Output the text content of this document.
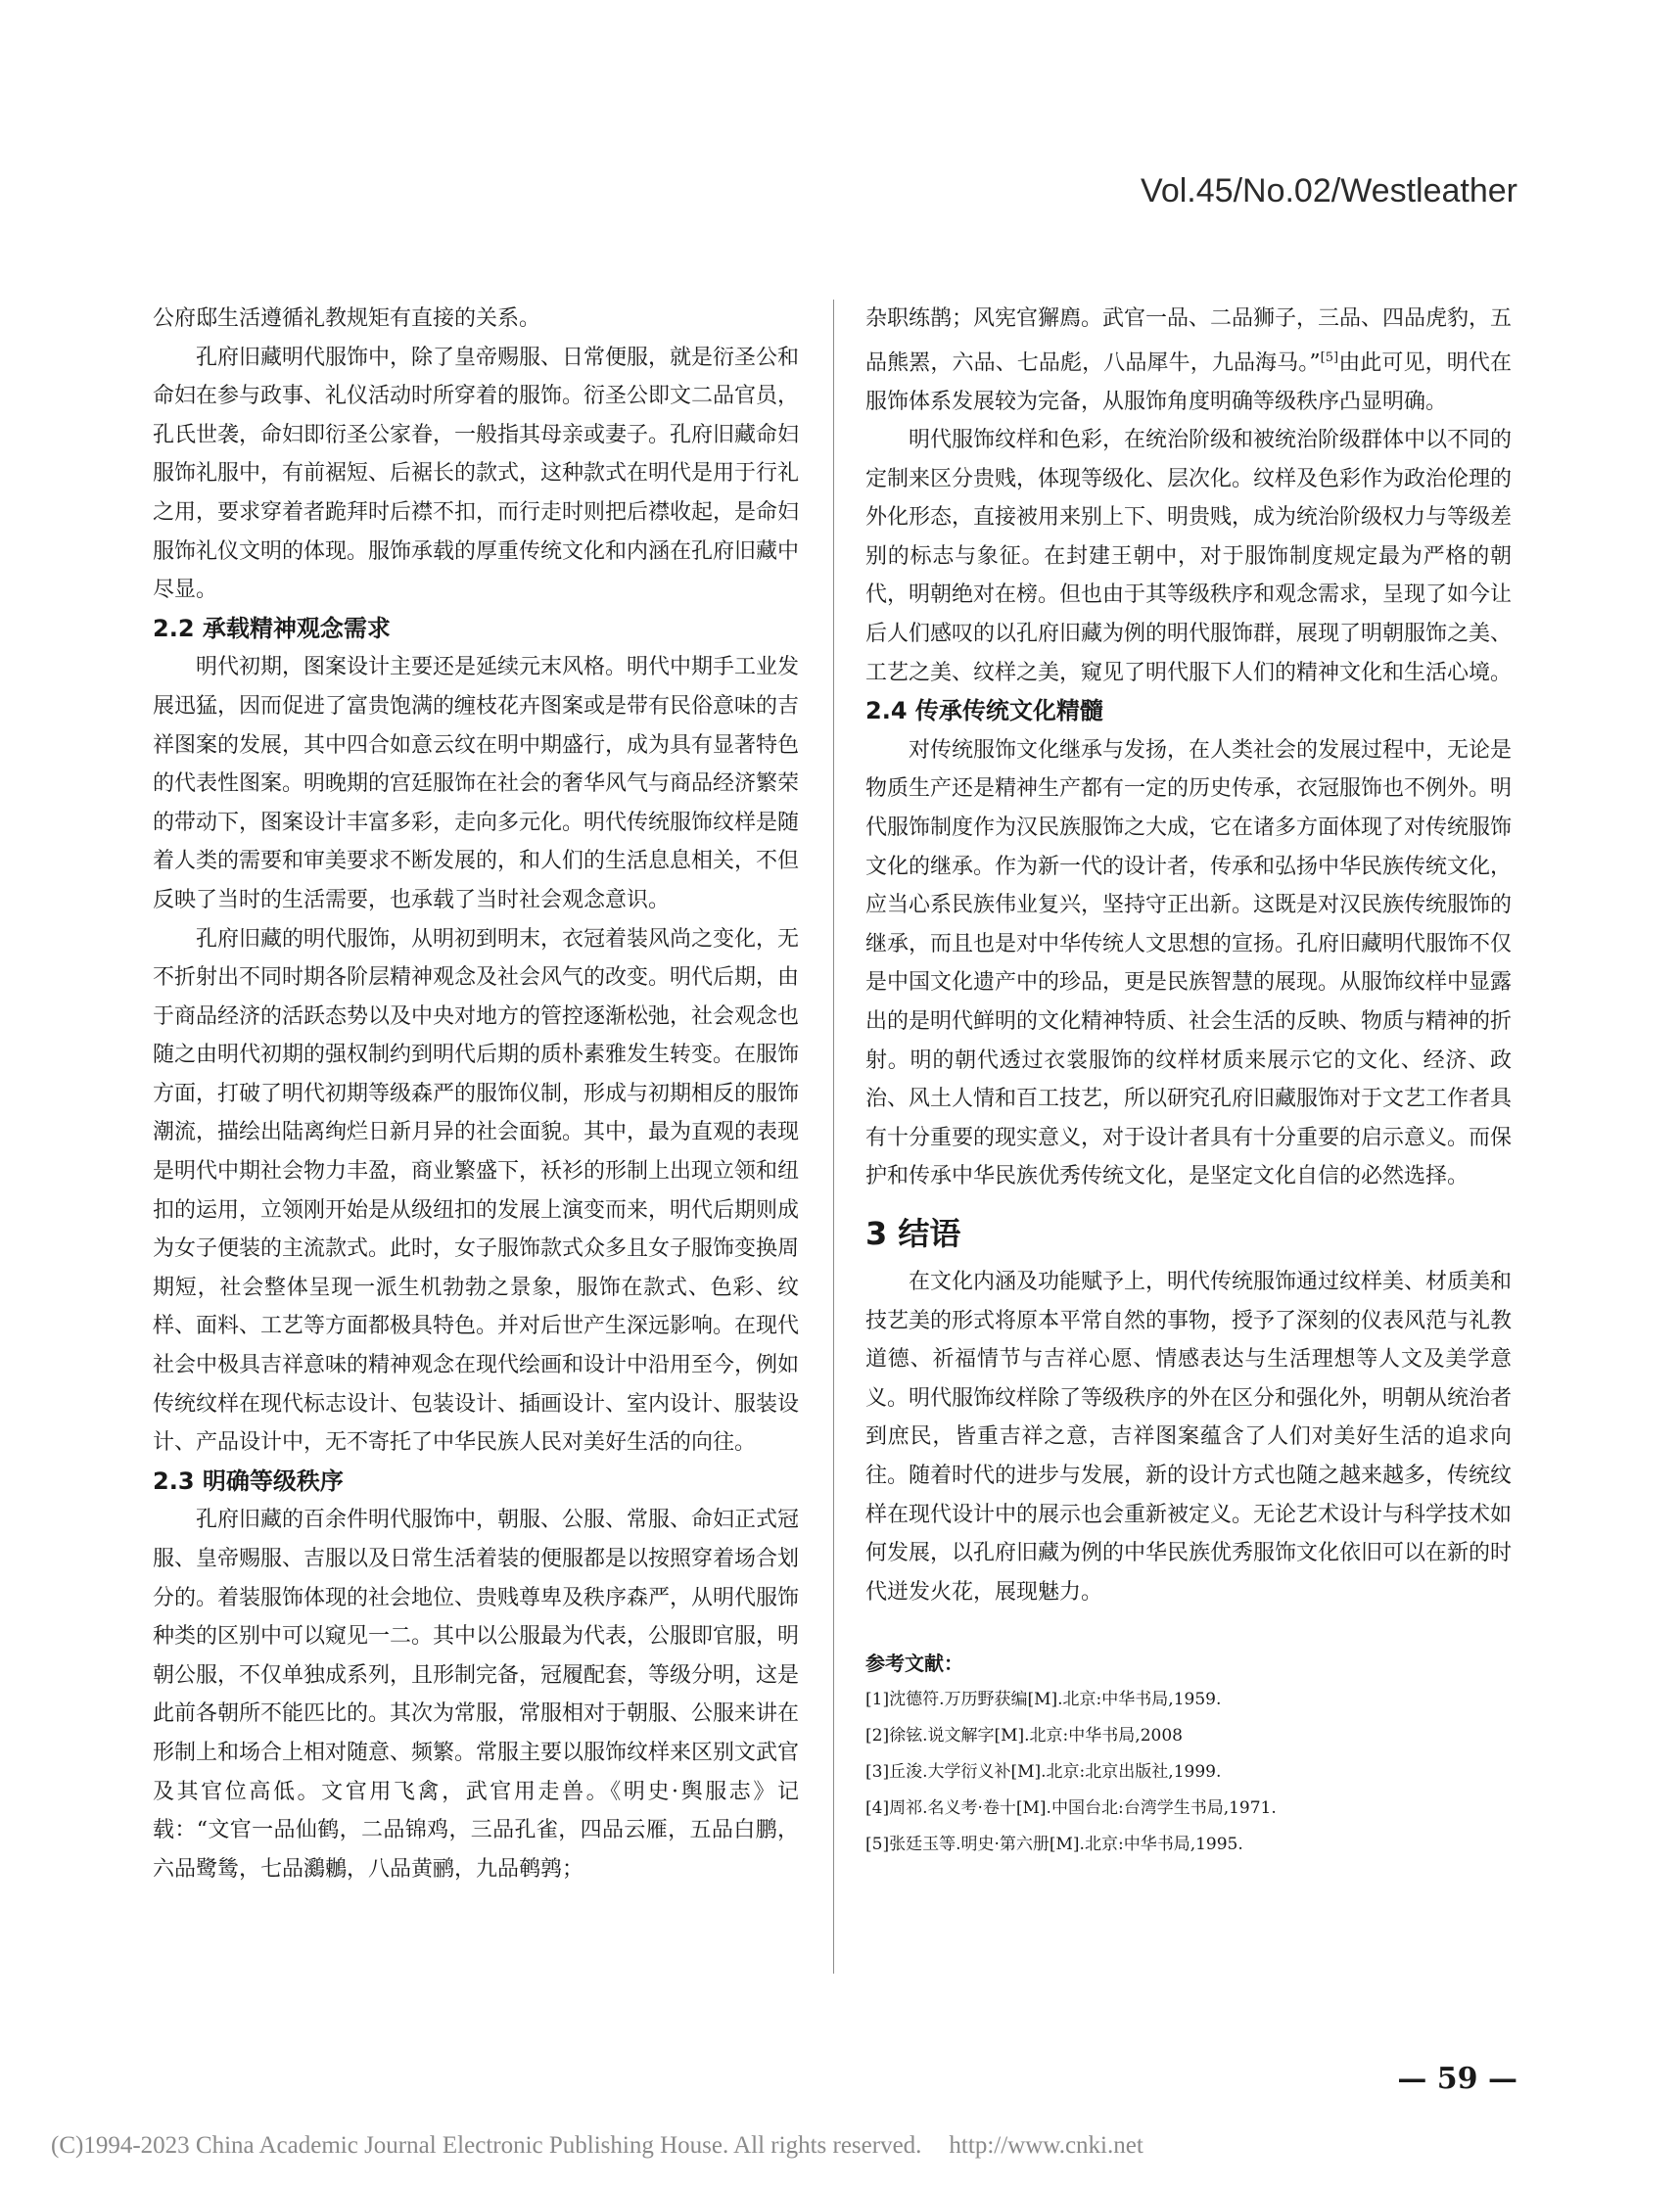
Vol.45/No.02/Westleather

公府邸生活遵循礼教规矩有直接的关系。

孔府旧藏明代服饰中，除了皇帝赐服、日常便服，就是衍圣公和命妇在参与政事、礼仪活动时所穿着的服饰。衍圣公即文二品官员，孔氏世袭，命妇即衍圣公家眷，一般指其母亲或妻子。孔府旧藏命妇服饰礼服中，有前裾短、后裾长的款式，这种款式在明代是用于行礼之用，要求穿着者跪拜时后襟不扣，而行走时则把后襟收起，是命妇服饰礼仪文明的体现。服饰承载的厚重传统文化和内涵在孔府旧藏中尽显。

2.2 承载精神观念需求

明代初期，图案设计主要还是延续元末风格。明代中期手工业发展迅猛，因而促进了富贵饱满的缠枝花卉图案或是带有民俗意味的吉祥图案的发展，其中四合如意云纹在明中期盛行，成为具有显著特色的代表性图案。明晚期的宫廷服饰在社会的奢华风气与商品经济繁荣的带动下，图案设计丰富多彩，走向多元化。明代传统服饰纹样是随着人类的需要和审美要求不断发展的，和人们的生活息息相关，不但反映了当时的生活需要，也承载了当时社会观念意识。

孔府旧藏的明代服饰，从明初到明末，衣冠着装风尚之变化，无不折射出不同时期各阶层精神观念及社会风气的改变。明代后期，由于商品经济的活跃态势以及中央对地方的管控逐渐松弛，社会观念也随之由明代初期的强权制约到明代后期的质朴素雅发生转变。在服饰方面，打破了明代初期等级森严的服饰仪制，形成与初期相反的服饰潮流，描绘出陆离绚烂日新月异的社会面貌。其中，最为直观的表现是明代中期社会物力丰盈，商业繁盛下，袄衫的形制上出现立领和纽扣的运用，立领刚开始是从级纽扣的发展上演变而来，明代后期则成为女子便装的主流款式。此时，女子服饰款式众多且女子服饰变换周期短，社会整体呈现一派生机勃勃之景象，服饰在款式、色彩、纹样、面料、工艺等方面都极具特色。并对后世产生深远影响。在现代社会中极具吉祥意味的精神观念在现代绘画和设计中沿用至今，例如传统纹样在现代标志设计、包装设计、插画设计、室内设计、服装设计、产品设计中，无不寄托了中华民族人民对美好生活的向往。

2.3 明确等级秩序

孔府旧藏的百余件明代服饰中，朝服、公服、常服、命妇正式冠服、皇帝赐服、吉服以及日常生活着装的便服都是以按照穿着场合划分的。着装服饰体现的社会地位、贵贱尊卑及秩序森严，从明代服饰种类的区别中可以窥见一二。其中以公服最为代表，公服即官服，明朝公服，不仅单独成系列，且形制完备，冠履配套，等级分明，这是此前各朝所不能匹比的。其次为常服，常服相对于朝服、公服来讲在形制上和场合上相对随意、频繁。常服主要以服饰纹样来区别文武官及其官位高低。文官用飞禽，武官用走兽。《明史·舆服志》记载：“文官一品仙鹤，二品锦鸡，三品孔雀，四品云雁，五品白鹏，六品鹭鸶，七品鸂鶒，八品黄鹂，九品鹌鹑；

杂职练鹊；风宪官獬廌。武官一品、二品狮子，三品、四品虎豹，五品熊罴，六品、七品彪，八品犀牛，九品海马。”[5]由此可见，明代在服饰体系发展较为完备，从服饰角度明确等级秩序凸显明确。

明代服饰纹样和色彩，在统治阶级和被统治阶级群体中以不同的定制来区分贵贱，体现等级化、层次化。纹样及色彩作为政治伦理的外化形态，直接被用来别上下、明贵贱，成为统治阶级权力与等级差别的标志与象征。在封建王朝中，对于服饰制度规定最为严格的朝代，明朝绝对在榜。但也由于其等级秩序和观念需求，呈现了如今让后人们感叹的以孔府旧藏为例的明代服饰群，展现了明朝服饰之美、工艺之美、纹样之美，窥见了明代服下人们的精神文化和生活心境。

2.4 传承传统文化精髓

对传统服饰文化继承与发扬，在人类社会的发展过程中，无论是物质生产还是精神生产都有一定的历史传承，衣冠服饰也不例外。明代服饰制度作为汉民族服饰之大成，它在诸多方面体现了对传统服饰文化的继承。作为新一代的设计者，传承和弘扬中华民族传统文化，应当心系民族伟业复兴，坚持守正出新。这既是对汉民族传统服饰的继承，而且也是对中华传统人文思想的宣扬。孔府旧藏明代服饰不仅是中国文化遗产中的珍品，更是民族智慧的展现。从服饰纹样中显露出的是明代鲜明的文化精神特质、社会生活的反映、物质与精神的折射。明的朝代透过衣裳服饰的纹样材质来展示它的文化、经济、政治、风土人情和百工技艺，所以研究孔府旧藏服饰对于文艺工作者具有十分重要的现实意义，对于设计者具有十分重要的启示意义。而保护和传承中华民族优秀传统文化，是坚定文化自信的必然选择。

3 结语

在文化内涵及功能赋予上，明代传统服饰通过纹样美、材质美和技艺美的形式将原本平常自然的事物，授予了深刻的仪表风范与礼教道德、祈福情节与吉祥心愿、情感表达与生活理想等人文及美学意义。明代服饰纹样除了等级秩序的外在区分和强化外，明朝从统治者到庶民，皆重吉祥之意，吉祥图案蕴含了人们对美好生活的追求向往。随着时代的进步与发展，新的设计方式也随之越来越多，传统纹样在现代设计中的展示也会重新被定义。无论艺术设计与科学技术如何发展，以孔府旧藏为例的中华民族优秀服饰文化依旧可以在新的时代迸发火花，展现魅力。

参考文献：

[1]沈德符.万历野获编[M].北京:中华书局,1959.

[2]徐铉.说文解字[M].北京:中华书局,2008

[3]丘浚.大学衍义补[M].北京:北京出版社,1999.

[4]周祁.名义考·卷十[M].中国台北:台湾学生书局,1971.

[5]张廷玉等.明史·第六册[M].北京:中华书局,1995.

— 59 —
(C)1994-2023 China Academic Journal Electronic Publishing House. All rights reserved. http://www.cnki.net
